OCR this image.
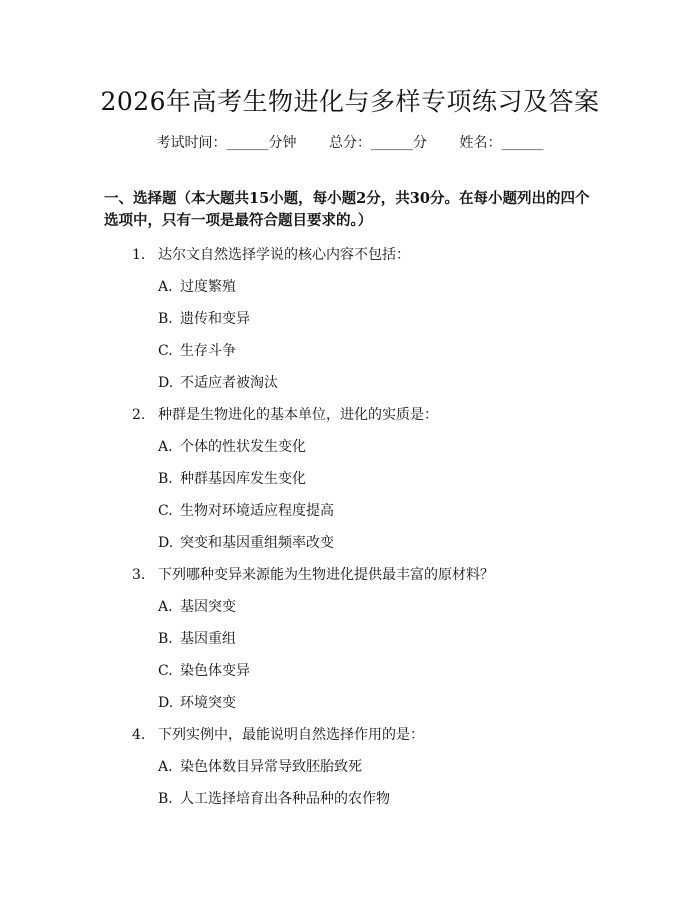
2026年高考生物进化与多样专项练习及答案
考试时间：______分钟 总分：______分 姓名：______
一、选择题（本大题共15小题，每小题2分，共30分。在每小题列出的四个选项中，只有一项是最符合题目要求的。）
1. 达尔文自然选择学说的核心内容不包括：
A. 过度繁殖
B. 遗传和变异
C. 生存斗争
D. 不适应者被淘汰
2. 种群是生物进化的基本单位，进化的实质是：
A. 个体的性状发生变化
B. 种群基因库发生变化
C. 生物对环境适应程度提高
D. 突变和基因重组频率改变
3. 下列哪种变异来源能为生物进化提供最丰富的原材料？
A. 基因突变
B. 基因重组
C. 染色体变异
D. 环境突变
4. 下列实例中，最能说明自然选择作用的是：
A. 染色体数目异常导致胚胎致死
B. 人工选择培育出各种品种的农作物
